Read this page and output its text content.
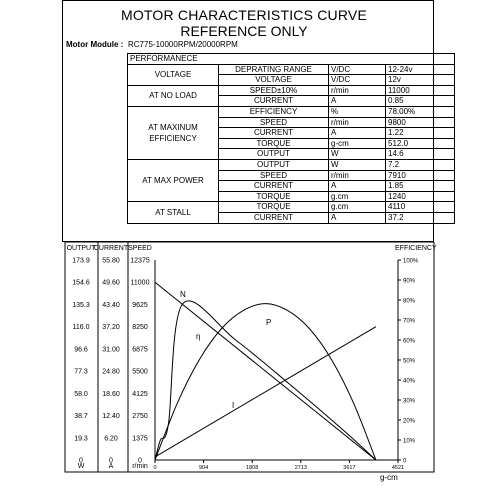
MOTOR CHARACTERISTICS CURVE
REFERENCE ONLY
Motor Module : RC775-10000RPM/20000RPM
PERFORMANECE			
VOLTAGE	DEPRATING RANGE	V/DC	12-24v
	VOLTAGE	V/DC	12v
AT NO LOAD	SPEED±10%	r/min	11000
	CURRENT	A	0.85
AT MAXINUM EFFICIENCY	EFFICIENCY	%	78.00%
	SPEED	r/min	9800
	CURRENT	A	1.22
	TORQUE	g-cm	512.0
	OUTPUT	W	14.6
AT MAX POWER	OUTPUT	W	7.2
	SPEED	r/min	7910
	CURRENT	A	1.85
	TORQUE	g.cm	1240
AT STALL	TORQUE	g.cm	4110
	CURRENT	A	37.2
OUTPUT
173.9
154.6
135.3
116.0
96.6
77.3
58.0
38.7
19.3
0
W
CURRENT
55.80
49.60
43.40
37.20
31.00
24.80
18.60
12.40
6.20
0
A
SPEED
12375
11000
9625
8250
6875
5500
4125
2750
1375
0
r/min
EFFICIENCY
100%
90%
80%
70%
60%
50%
40%
30%
20%
10%
0
0	904	1808	2713	3617	4521
g-cm
N
η
P
I
